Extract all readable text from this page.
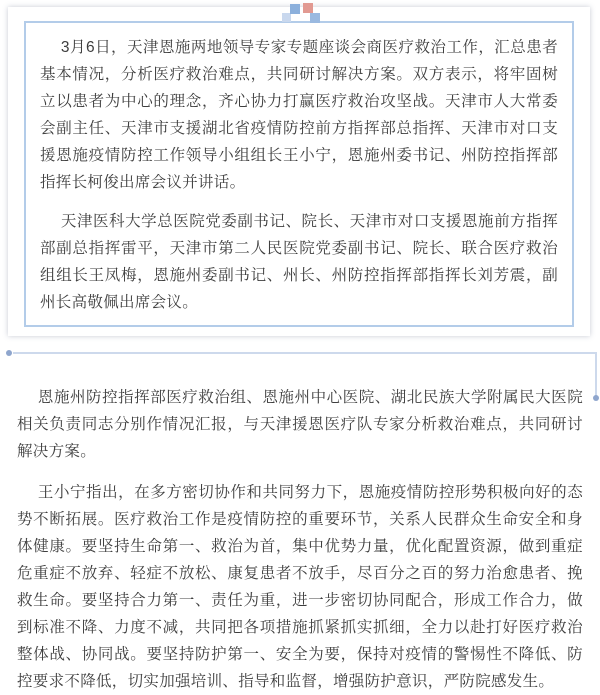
3月6日，天津恩施两地领导专家专题座谈会商医疗救治工作，汇总患者基本情况，分析医疗救治难点，共同研讨解决方案。双方表示，将牢固树立以患者为中心的理念，齐心协力打赢医疗救治攻坚战。天津市人大常委会副主任、天津市支援湖北省疫情防控前方指挥部总指挥、天津市对口支援恩施疫情防控工作领导小组组长王小宁，恩施州委书记、州防控指挥部指挥长柯俊出席会议并讲话。

天津医科大学总医院党委副书记、院长、天津市对口支援恩施前方指挥部副总指挥雷平，天津市第二人民医院党委副书记、院长、联合医疗救治组组长王凤梅，恩施州委副书记、州长、州防控指挥部指挥长刘芳震，副州长高敬佩出席会议。

恩施州防控指挥部医疗救治组、恩施州中心医院、湖北民族大学附属民大医院相关负责同志分别作情况汇报，与天津援恩医疗队专家分析救治难点，共同研讨解决方案。

王小宁指出，在多方密切协作和共同努力下，恩施疫情防控形势积极向好的态势不断拓展。医疗救治工作是疫情防控的重要环节，关系人民群众生命安全和身体健康。要坚持生命第一、救治为首，集中优势力量，优化配置资源，做到重症危重症不放弃、轻症不放松、康复患者不放手，尽百分之百的努力治愈患者、挽救生命。要坚持合力第一、责任为重，进一步密切协同配合，形成工作合力，做到标准不降、力度不减，共同把各项措施抓紧抓实抓细，全力以赴打好医疗救治整体战、协同战。要坚持防护第一、安全为要，保持对疫情的警惕性不降低、防控要求不降低，切实加强培训、指导和监督，增强防护意识，严防院感发生。
